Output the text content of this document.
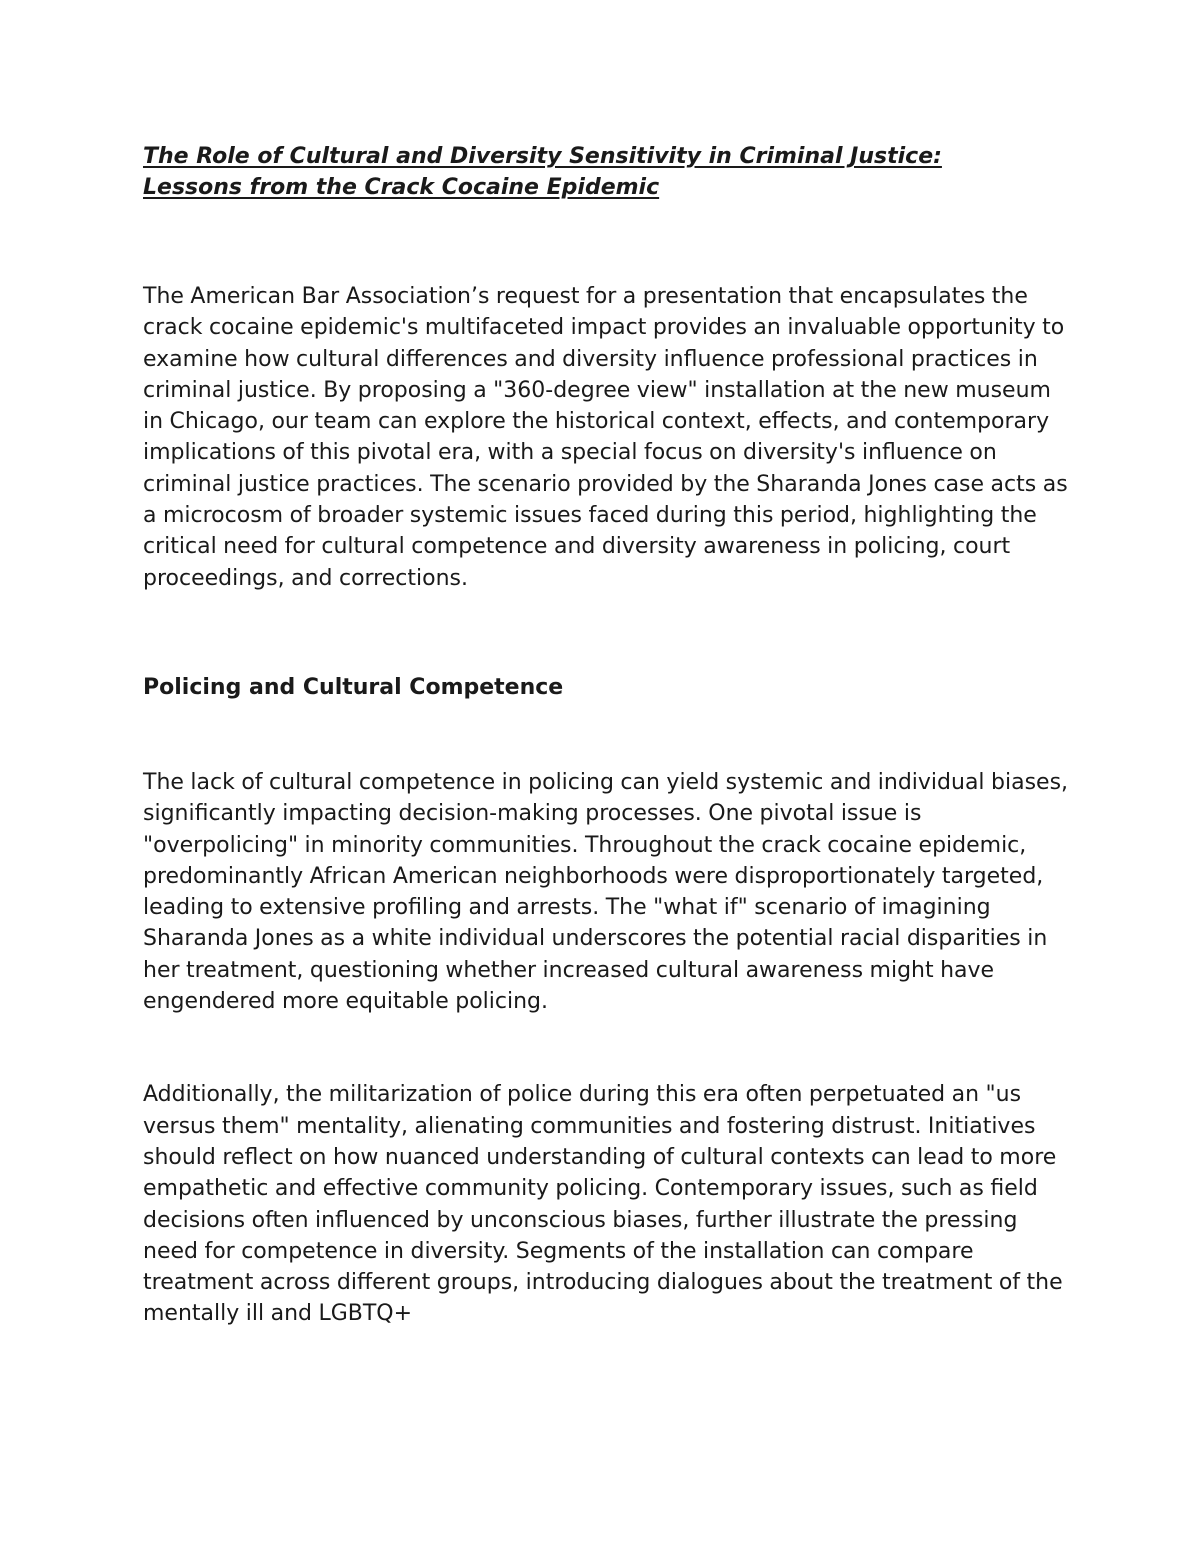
The Role of Cultural and Diversity Sensitivity in Criminal Justice:
Lessons from the Crack Cocaine Epidemic

The American Bar Association’s request for a presentation that encapsulates the crack cocaine epidemic's multifaceted impact provides an invaluable opportunity to examine how cultural differences and diversity influence professional practices in criminal justice. By proposing a "360-degree view" installation at the new museum in Chicago, our team can explore the historical context, effects, and contemporary implications of this pivotal era, with a special focus on diversity's influence on criminal justice practices. The scenario provided by the Sharanda Jones case acts as a microcosm of broader systemic issues faced during this period, highlighting the critical need for cultural competence and diversity awareness in policing, court proceedings, and corrections.

Policing and Cultural Competence

The lack of cultural competence in policing can yield systemic and individual biases, significantly impacting decision-making processes. One pivotal issue is "overpolicing" in minority communities. Throughout the crack cocaine epidemic, predominantly African American neighborhoods were disproportionately targeted, leading to extensive profiling and arrests. The "what if" scenario of imagining Sharanda Jones as a white individual underscores the potential racial disparities in her treatment, questioning whether increased cultural awareness might have engendered more equitable policing.

Additionally, the militarization of police during this era often perpetuated an "us versus them" mentality, alienating communities and fostering distrust. Initiatives should reflect on how nuanced understanding of cultural contexts can lead to more empathetic and effective community policing. Contemporary issues, such as field decisions often influenced by unconscious biases, further illustrate the pressing need for competence in diversity. Segments of the installation can compare treatment across different groups, introducing dialogues about the treatment of the mentally ill and LGBTQ+
